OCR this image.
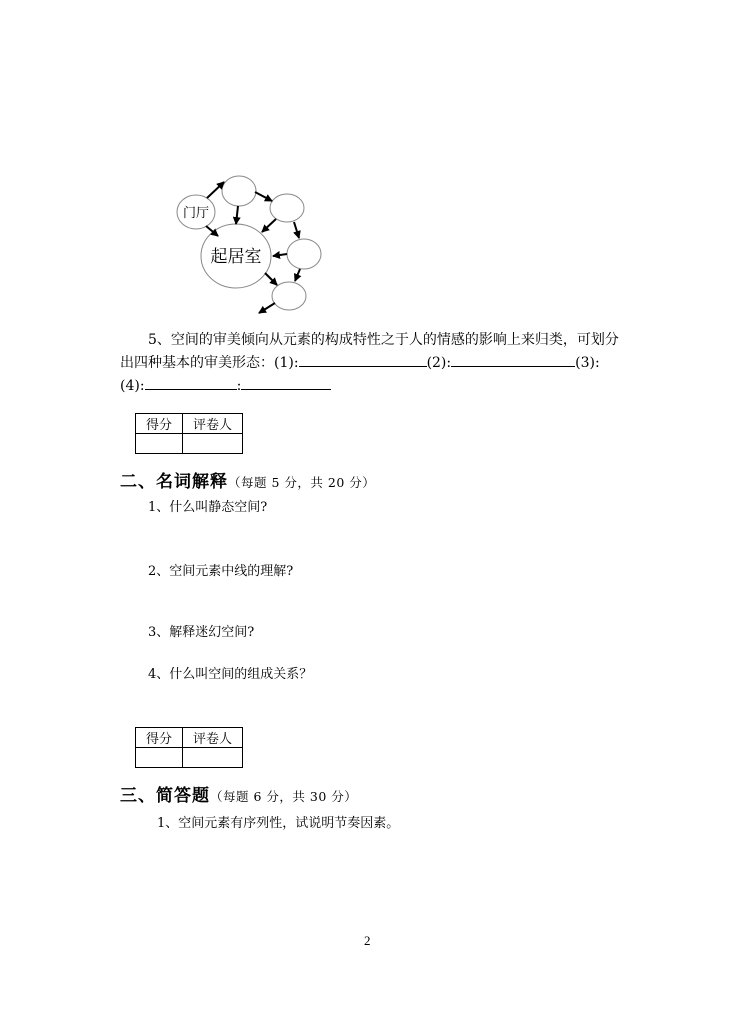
门厅
起居室
5、空间的审美倾向从元素的构成特性之于人的情感的影响上来归类，可划分
出四种基本的审美形态：(1):	(2):	(3):
(4):	:
得分	评卷人

二、名词解释（每题 5 分，共 20 分）
1、什么叫静态空间?
2、空间元素中线的理解?
3、解释迷幻空间?
4、什么叫空间的组成关系？
得分	评卷人

三、简答题（每题 6 分，共 30 分）
1、空间元素有序列性，试说明节奏因素。
2
